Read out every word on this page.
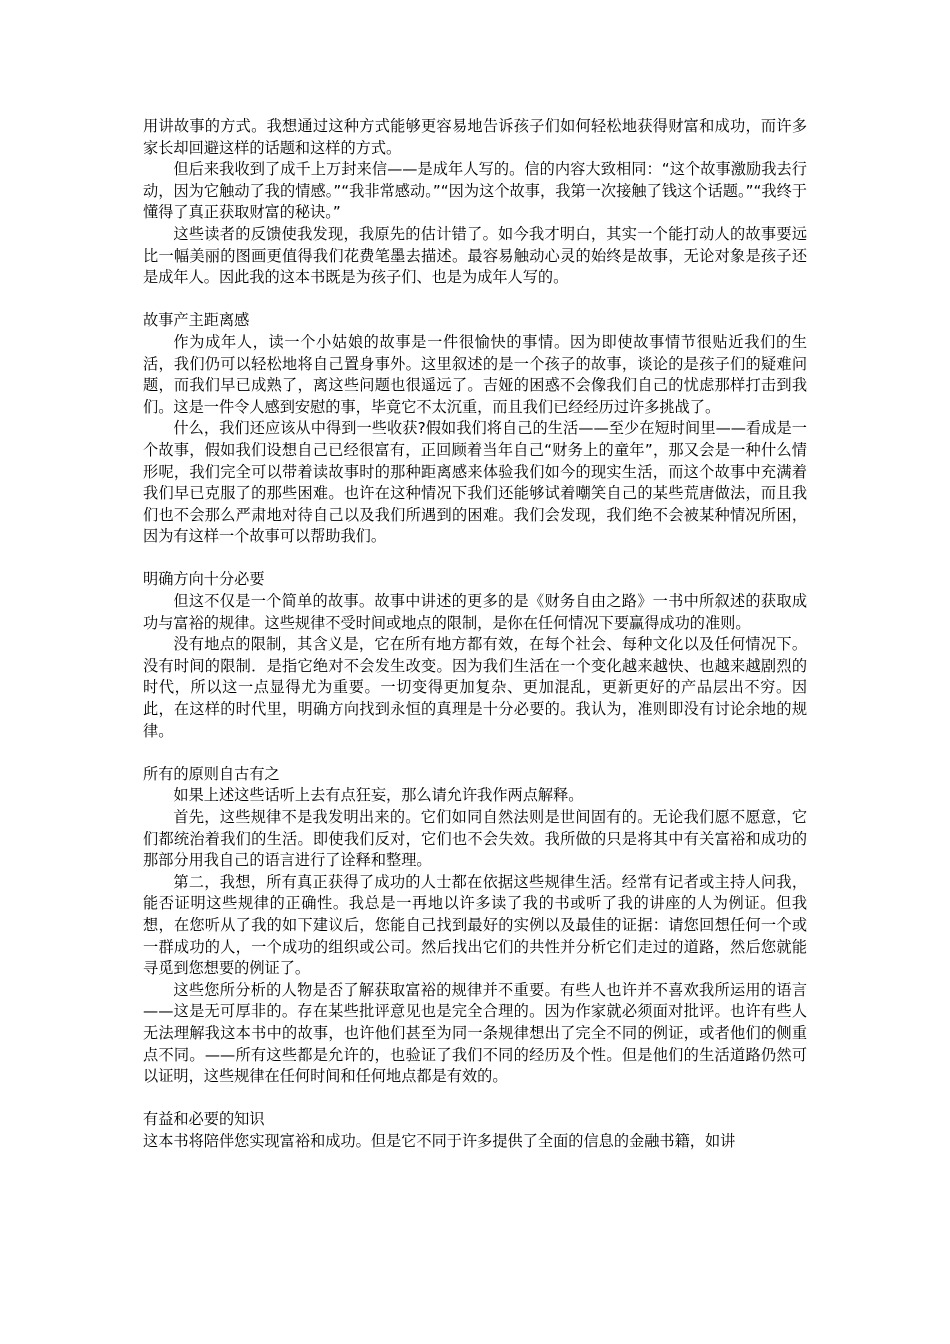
用讲故事的方式。我想通过这种方式能够更容易地告诉孩子们如何轻松地获得财富和成功，而许多家长却回避这样的话题和这样的方式。

但后来我收到了成千上万封来信——是成年人写的。信的内容大致相同：“这个故事激励我去行动，因为它触动了我的情感。”“我非常感动。”“因为这个故事，我第一次接触了钱这个话题。”“我终于懂得了真正获取财富的秘诀。”

这些读者的反馈使我发现，我原先的估计错了。如今我才明白，其实一个能打动人的故事要远比一幅美丽的图画更值得我们花费笔墨去描述。最容易触动心灵的始终是故事，无论对象是孩子还是成年人。因此我的这本书既是为孩子们、也是为成年人写的。

故事产主距离感

作为成年人，读一个小姑娘的故事是一件很愉快的事情。因为即使故事情节很贴近我们的生活，我们仍可以轻松地将自己置身事外。这里叙述的是一个孩子的故事，谈论的是孩子们的疑难问题，而我们早已成熟了，离这些问题也很遥远了。吉娅的困惑不会像我们自己的忧虑那样打击到我们。这是一件令人感到安慰的事，毕竟它不太沉重，而且我们已经经历过许多挑战了。

什么，我们还应该从中得到一些收获?假如我们将自己的生活——至少在短时间里——看成是一个故事，假如我们设想自己已经很富有，正回顾着当年自己“财务上的童年”，那又会是一种什么情形呢，我们完全可以带着读故事时的那种距离感来体验我们如今的现实生活，而这个故事中充满着我们早已克服了的那些困难。也许在这种情况下我们还能够试着嘲笑自己的某些荒唐做法，而且我们也不会那么严肃地对待自己以及我们所遇到的困难。我们会发现，我们绝不会被某种情况所困，因为有这样一个故事可以帮助我们。

明确方向十分必要

但这不仅是一个简单的故事。故事中讲述的更多的是《财务自由之路》一书中所叙述的获取成功与富裕的规律。这些规律不受时间或地点的限制，是你在任何情况下要赢得成功的准则。

没有地点的限制，其含义是，它在所有地方都有效，在每个社会、每种文化以及任何情况下。没有时间的限制．是指它绝对不会发生改变。因为我们生活在一个变化越来越快、也越来越剧烈的时代，所以这一点显得尤为重要。一切变得更加复杂、更加混乱，更新更好的产品层出不穷。因此，在这样的时代里，明确方向找到永恒的真理是十分必要的。我认为，准则即没有讨论余地的规律。

所有的原则自古有之

如果上述这些话听上去有点狂妄，那么请允许我作两点解释。

首先，这些规律不是我发明出来的。它们如同自然法则是世间固有的。无论我们愿不愿意，它们都统治着我们的生活。即使我们反对，它们也不会失效。我所做的只是将其中有关富裕和成功的那部分用我自己的语言进行了诠释和整理。

第二，我想，所有真正获得了成功的人士都在依据这些规律生活。经常有记者或主持人问我，能否证明这些规律的正确性。我总是一再地以许多读了我的书或听了我的讲座的人为例证。但我想，在您听从了我的如下建议后，您能自己找到最好的实例以及最佳的证据：请您回想任何一个或一群成功的人，一个成功的组织或公司。然后找出它们的共性并分析它们走过的道路，然后您就能寻觅到您想要的例证了。

这些您所分析的人物是否了解获取富裕的规律并不重要。有些人也许并不喜欢我所运用的语言——这是无可厚非的。存在某些批评意见也是完全合理的。因为作家就必须面对批评。也许有些人无法理解我这本书中的故事，也许他们甚至为同一条规律想出了完全不同的例证，或者他们的侧重点不同。——所有这些都是允许的，也验证了我们不同的经历及个性。但是他们的生活道路仍然可以证明，这些规律在任何时间和任何地点都是有效的。

有益和必要的知识

这本书将陪伴您实现富裕和成功。但是它不同于许多提供了全面的信息的金融书籍，如讲
